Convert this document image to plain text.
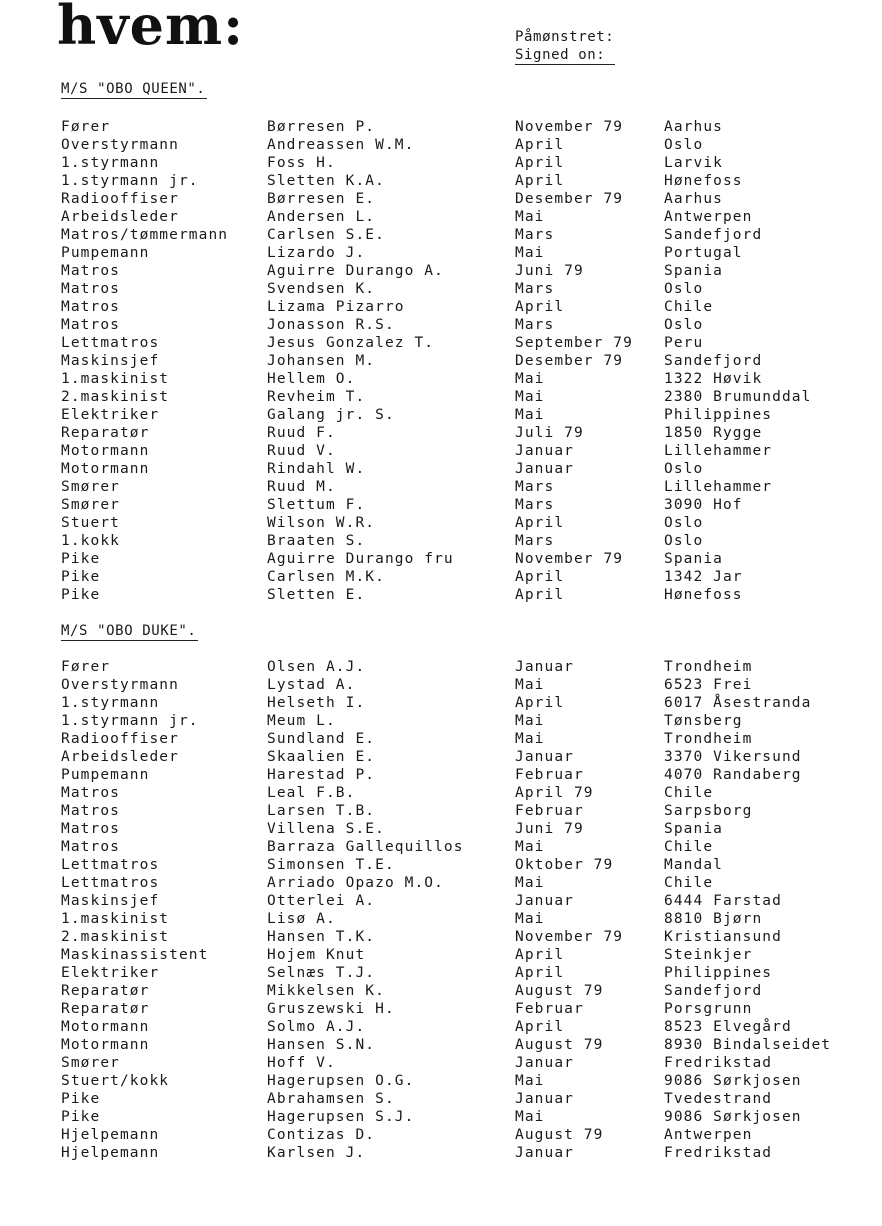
hvem:	Påmønstret:
Signed on:
M/S "OBO QUEEN".
Fører	Børresen P.	November 79	Aarhus
Overstyrmann	Andreassen W.M.	April	Oslo
1.styrmann	Foss H.	April	Larvik
1.styrmann jr.	Sletten K.A.	April	Hønefoss
Radiooffiser	Børresen E.	Desember 79	Aarhus
Arbeidsleder	Andersen L.	Mai	Antwerpen
Matros/tømmermann	Carlsen S.E.	Mars	Sandefjord
Pumpemann	Lizardo J.	Mai	Portugal
Matros	Aguirre Durango A.	Juni 79	Spania
Matros	Svendsen K.	Mars	Oslo
Matros	Lizama Pizarro	April	Chile
Matros	Jonasson R.S.	Mars	Oslo
Lettmatros	Jesus Gonzalez T.	September 79 Peru
Maskinsjef	Johansen M.	Desember 79	Sandefjord
1.maskinist	Hellem O.	Mai	1322 Høvik
2.maskinist	Revheim T.	Mai	2380 Brumunddal
Elektriker	Galang jr. S.	Mai	Philippines
Reparatør	Ruud F.	Juli 79	1850 Rygge
Motormann	Ruud V.	Januar	Lillehammer
Motormann	Rindahl W.	Januar	Oslo
Smører	Ruud M.	Mars	Lillehammer
Smører	Slettum F.	Mars	3090 Hof
Stuert	Wilson W.R.	April	Oslo
1.kokk	Braaten S.	Mars	Oslo
Pike	Aguirre Durango fru	November 79	Spania
Pike	Carlsen M.K.	April	1342 Jar
Pike	Sletten E.	April	Hønefoss
M/S "OBO DUKE".
Fører	Olsen A.J.	Januar	Trondheim
Overstyrmann	Lystad A.	Mai	6523 Frei
1.styrmann	Helseth I.	April	6017 Åsestranda
1.styrmann jr.	Meum L.	Mai	Tønsberg
Radiooffiser	Sundland E.	Mai	Trondheim
Arbeidsleder	Skaalien E.	Januar	3370 Vikersund
Pumpemann	Harestad P.	Februar	4070 Randaberg
Matros	Leal F.B.	April 79	Chile
Matros	Larsen T.B.	Februar	Sarpsborg
Matros	Villena S.E.	Juni 79	Spania
Matros	Barraza Gallequillos	Mai	Chile
Lettmatros	Simonsen T.E.	Oktober 79	Mandal
Lettmatros	Arriado Opazo M.O.	Mai	Chile
Maskinsjef	Otterlei A.	Januar	6444 Farstad
1.maskinist	Lisø A.	Mai	8810 Bjørn
2.maskinist	Hansen T.K.	November 79	Kristiansund
Maskinassistent	Hojem Knut	April	Steinkjer
Elektriker	Selnæs T.J.	April	Philippines
Reparatør	Mikkelsen K.	August 79	Sandefjord
Reparatør	Gruszewski H.	Februar	Porsgrunn
Motormann	Solmo A.J.	April	8523 Elvegård
Motormann	Hansen S.N.	August 79	8930 Bindalseidet
Smører	Hoff V.	Januar	Fredrikstad
Stuert/kokk	Hagerupsen O.G.	Mai	9086 Sørkjosen
Pike	Abrahamsen S.	Januar	Tvedestrand
Pike	Hagerupsen S.J.	Mai	9086 Sørkjosen
Hjelpemann	Contizas D.	August 79	Antwerpen
Hjelpemann	Karlsen J.	Januar	Fredrikstad
